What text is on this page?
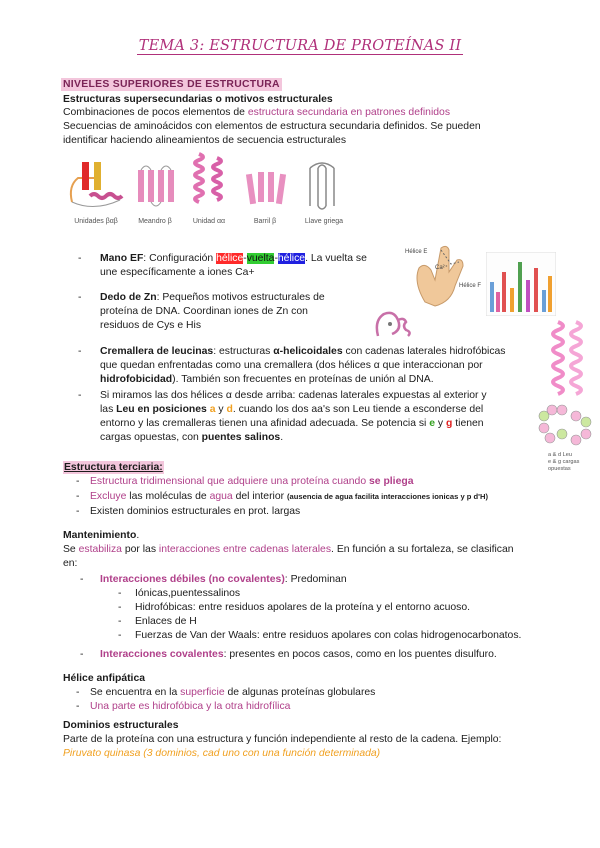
TEMA 3: ESTRUCTURA DE PROTEÍNAS II
NIVELES SUPERIORES DE ESTRUCTURA
Estructuras supersecundarias o motivos estructurales
Combinaciones de pocos elementos de estructura secundaria en patrones definidos
Secuencias de aminoácidos con elementos de estructura secundaria definidos. Se pueden
identificar haciendo alineamientos de secuencia estructurales
Unidades βαβ	Meandro β	Unidad αα	Barril β	Llave griega
Hélice E
Ca²⁺
Hélice F
a & d Leu
e & g cargas
opuestas
- Mano EF: Configuración hélice-vuelta-hélice. La vuelta se
une específicamente a iones Ca+
- Dedo de Zn: Pequeños motivos estructurales de
proteína de DNA. Coordinan iones de Zn con
residuos de Cys e His
- Cremallera de leucinas: estructuras α-helicoidales con cadenas laterales hidrofóbicas
que quedan enfrentadas como una cremallera (dos hélices α que interaccionan por
hidrofobicidad). También son frecuentes en proteínas de unión al DNA.
- Si miramos las dos hélices α desde arriba: cadenas laterales expuestas al exterior y
las Leu en posiciones a y d. cuando los dos aa's son Leu tiende a esconderse del
entorno y las cremalleras tienen una afinidad adecuada. Se potencia si e y g tienen
cargas opuestas, con puentes salinos.
Estructura terciaria:
- Estructura tridimensional que adquiere una proteína cuando se pliega
- Excluye las moléculas de agua del interior (ausencia de agua facilita interacciones ionicas y p d'H)
- Existen dominios estructurales en prot. largas
Mantenimiento.
Se estabiliza por las interacciones entre cadenas laterales. En función a su fortaleza, se clasifican
en:
- Interacciones débiles (no covalentes): Predominan
- Iónicas,puentessalinos
- Hidrofóbicas: entre residuos apolares de la proteína y el entorno acuoso.
- Enlaces de H
- Fuerzas de Van der Waals: entre residuos apolares con colas hidrogenocarbonatos.
- Interacciones covalentes: presentes en pocos casos, como en los puentes disulfuro.
Hélice anfipática
- Se encuentra en la superficie de algunas proteínas globulares
- Una parte es hidrofóbica y la otra hidrofílica
Dominios estructurales
Parte de la proteína con una estructura y función independiente al resto de la cadena. Ejemplo:
Piruvato quinasa (3 dominios, cad uno con una función determinada)
